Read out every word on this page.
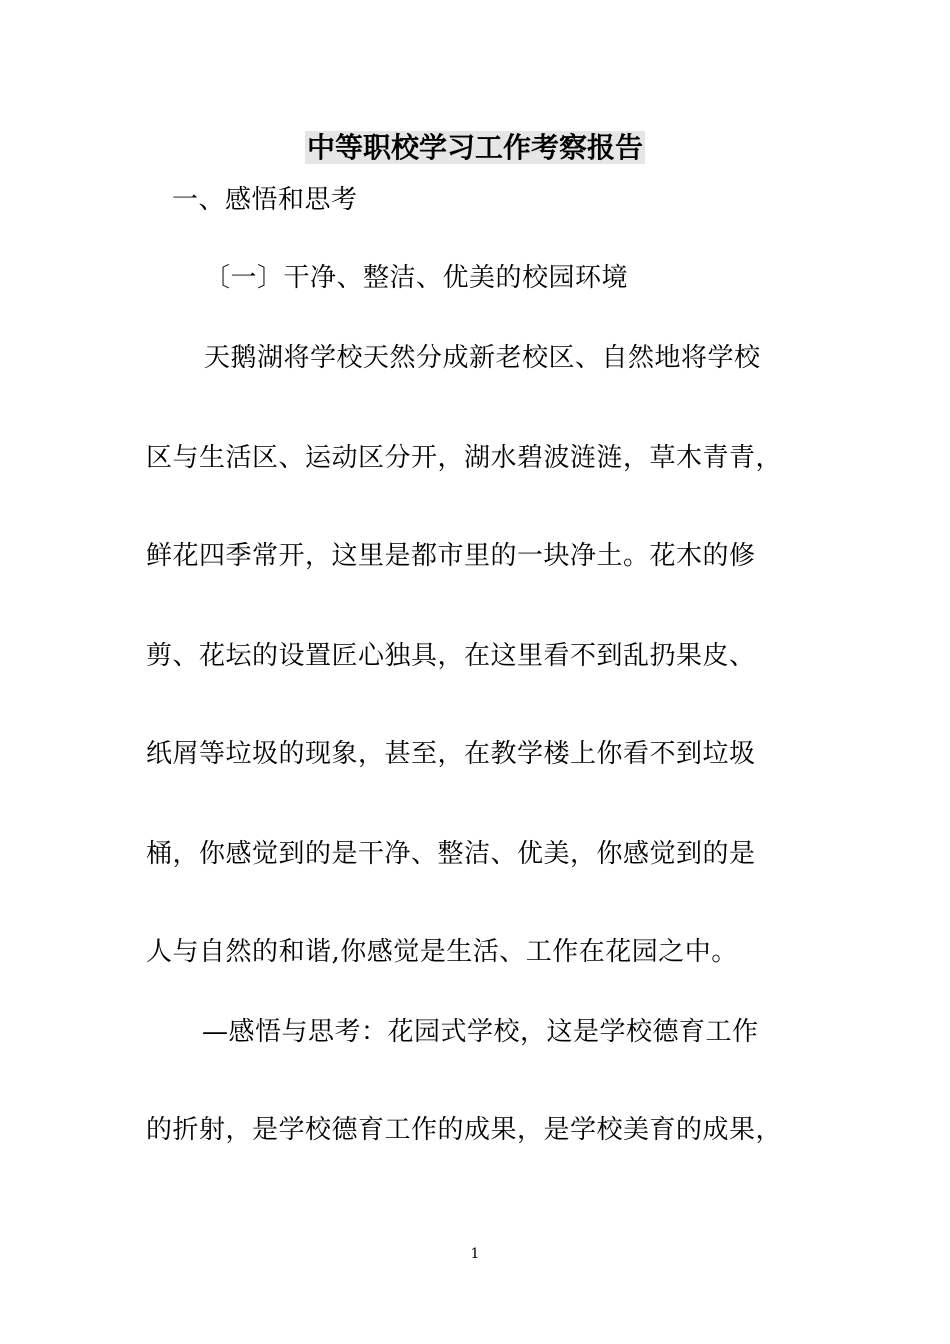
中等职校学习工作考察报告
一、感悟和思考
〔一〕干净、整洁、优美的校园环境
天鹅湖将学校天然分成新老校区、自然地将学校
区与生活区、运动区分开，湖水碧波涟涟，草木青青，
鲜花四季常开，这里是都市里的一块净土。花木的修
剪、花坛的设置匠心独具，在这里看不到乱扔果皮、
纸屑等垃圾的现象，甚至，在教学楼上你看不到垃圾
桶，你感觉到的是干净、整洁、优美，你感觉到的是
人与自然的和谐,你感觉是生活、工作在花园之中。
—感悟与思考：花园式学校，这是学校德育工作
的折射，是学校德育工作的成果，是学校美育的成果，
1
